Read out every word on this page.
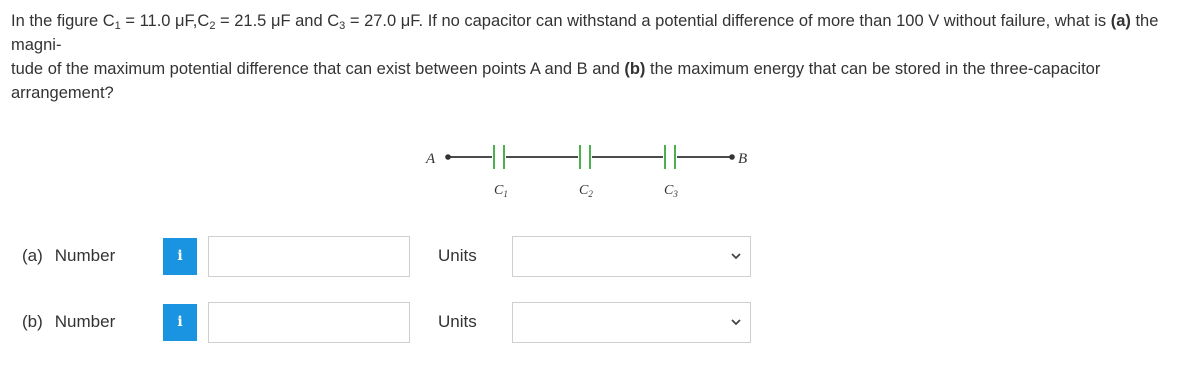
In the figure $C_1 = 11.0$ $\mu F,C_2 = 21.5$ μF and $C_3 = 27.0$ μF. If no capacitor can withstand a potential difference of more than 100 V without failure, what is (a) the magni-
tude of the maximum potential difference that can exist between points A and B and (b) the maximum energy that can be stored in the three-capacitor arrangement?
A	B
$C_1$	$C_2$	$C_3$
(a) Number	i	Units
(b) Number	i	Units
